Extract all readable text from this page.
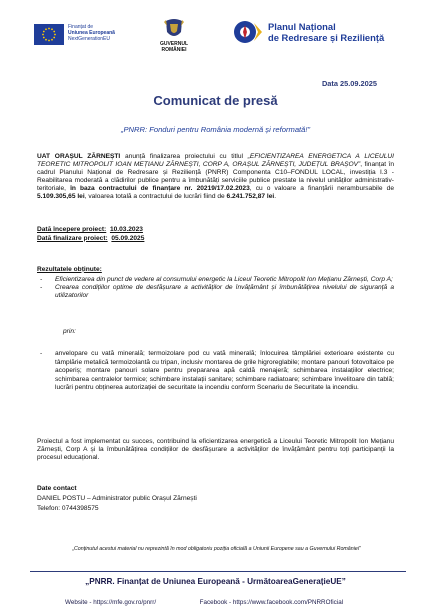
Finanțat de
Uniunea Europeană
NextGenerationEU
GUVERNUL
ROMÂNIEI
Planul Național
de Redresare și Reziliență
Data 25.09.2025
Comunicat de presă
„PNRR: Fonduri pentru România modernă și reformată!”
UAT ORAȘUL ZĂRNEȘTI anunță finalizarea proiectului cu titlul „EFICIENTIZAREA ENERGETICA A LICEULUI TEORETIC MITROPOLIT IOAN MEȚIANU ZĂRNEȘTI, CORP A, ORAȘUL ZĂRNEȘTI, JUDEȚUL BRAȘOV”, finanțat în cadrul Planului Național de Redresare și Reziliență (PNRR) Componenta C10–FONDUL LOCAL, investiția I.3 - Reabilitarea moderată a clădirilor publice pentru a îmbunătăți serviciile publice prestate la nivelul unităților administrativ-teritoriale, în baza contractului de finanțare nr. 20219/17.02.2023, cu o valoare a finanțării nerambursabile de 5.109.305,65 lei, valoarea totală a contractului de lucrări fiind de 6.241.752,87 lei.
Dată începere proiect: 10.03.2023
Dată finalizare proiect: 05.09.2025
Rezultatele obținute:
- Eficientizarea din punct de vedere al consumului energetic la Liceul Teoretic Mitropolit Ion Mețianu Zărnești, Corp A;
- Crearea condițiilor optime de desfășurare a activităților de învățământ și îmbunătățirea nivelului de siguranță a utilizatorilor
prin:
- anvelopare cu vată minerală; termoizolare pod cu vată minerală; înlocuirea tâmplăriei exterioare existente cu tâmplărie metalică termoizolantă cu tripan, inclusiv montarea de grile higroreglabile; montare panouri fotovoltaice pe acoperiș; montare panouri solare pentru prepararea apă caldă menajeră; schimbarea instalațiilor electrice; schimbarea centralelor termice; schimbare instalații sanitare; schimbare radiatoare; schimbare învelitoare din tablă; lucrări pentru obținerea autorizației de securitate la incendiu conform Scenariu de Securitate la incendiu.
Proiectul a fost implementat cu succes, contribuind la eficientizarea energetică a Liceului Teoretic Mitropolit Ion Mețianu Zărnești, Corp A și la îmbunătățirea condițiilor de desfășurare a activităților de învățământ pentru toți participanții la procesul educațional.
Date contact
DANIEL POSTU – Administrator public Orașul Zărnești
Telefon: 0744398575
„Conținutul acestui material nu reprezintă în mod obligatoriu poziția oficială a Uniunii Europene sau a Guvernului României”
„PNRR. Finanțat de Uniunea Europeană - UrmătoareaGenerațieUE”
Website - https://mfe.gov.ro/pnrr/	Facebook - https://www.facebook.com/PNRROficial
